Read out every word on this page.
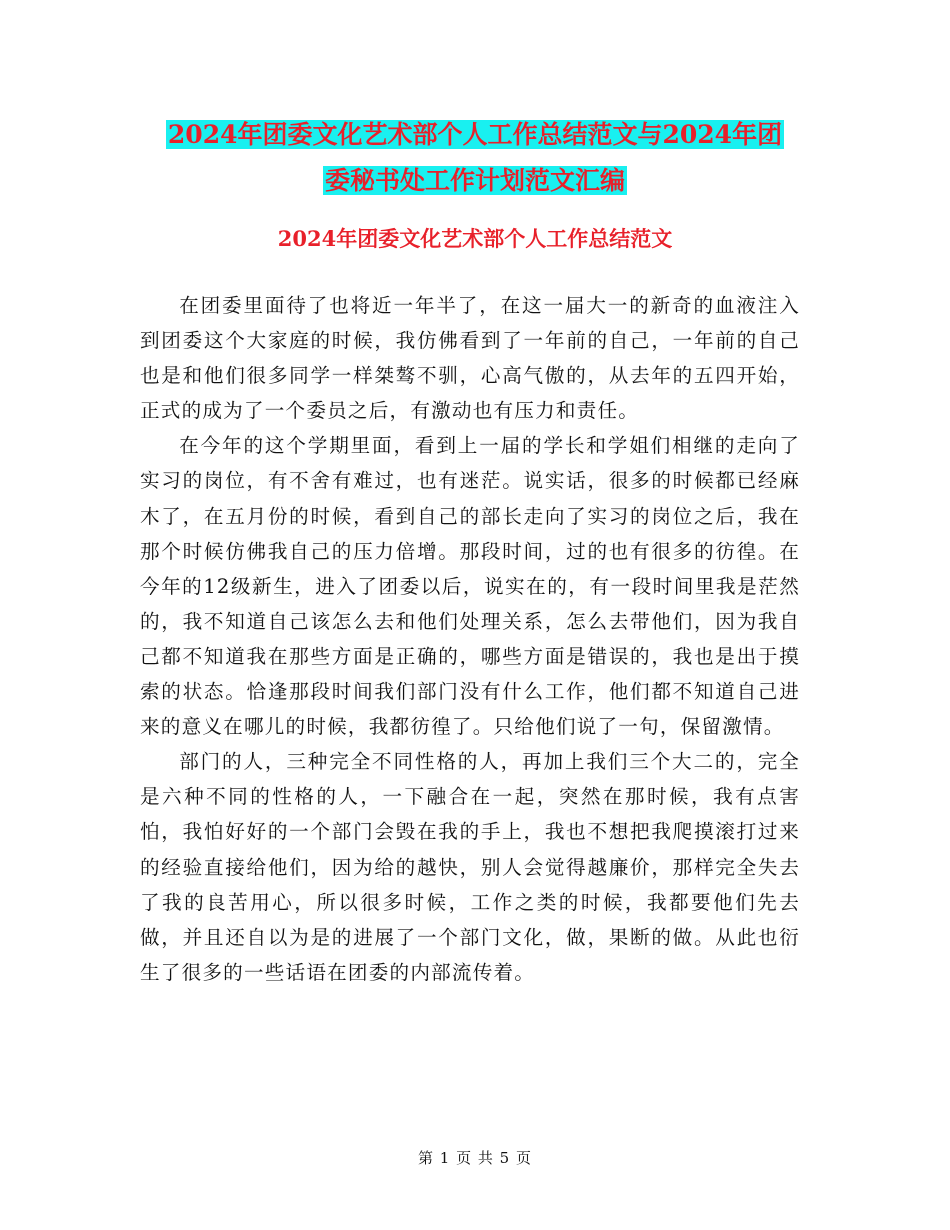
2024年团委文化艺术部个人工作总结范文与2024年团
委秘书处工作计划范文汇编
2024年团委文化艺术部个人工作总结范文

在团委里面待了也将近一年半了，在这一届大一的新奇的血液注入到团委这个大家庭的时候，我仿佛看到了一年前的自己，一年前的自己也是和他们很多同学一样桀骜不驯，心高气傲的，从去年的五四开始，正式的成为了一个委员之后，有激动也有压力和责任。

在今年的这个学期里面，看到上一届的学长和学姐们相继的走向了实习的岗位，有不舍有难过，也有迷茫。说实话，很多的时候都已经麻木了，在五月份的时候，看到自己的部长走向了实习的岗位之后，我在那个时候仿佛我自己的压力倍增。那段时间，过的也有很多的彷徨。在今年的12级新生，进入了团委以后，说实在的，有一段时间里我是茫然的，我不知道自己该怎么去和他们处理关系，怎么去带他们，因为我自己都不知道我在那些方面是正确的，哪些方面是错误的，我也是出于摸索的状态。恰逢那段时间我们部门没有什么工作，他们都不知道自己进来的意义在哪儿的时候，我都彷徨了。只给他们说了一句，保留激情。

部门的人，三种完全不同性格的人，再加上我们三个大二的，完全是六种不同的性格的人，一下融合在一起，突然在那时候，我有点害怕，我怕好好的一个部门会毁在我的手上，我也不想把我爬摸滚打过来的经验直接给他们，因为给的越快，别人会觉得越廉价，那样完全失去了我的良苦用心，所以很多时候，工作之类的时候，我都要他们先去做，并且还自以为是的进展了一个部门文化，做，果断的做。从此也衍生了很多的一些话语在团委的内部流传着。

第 1 页 共 5 页
